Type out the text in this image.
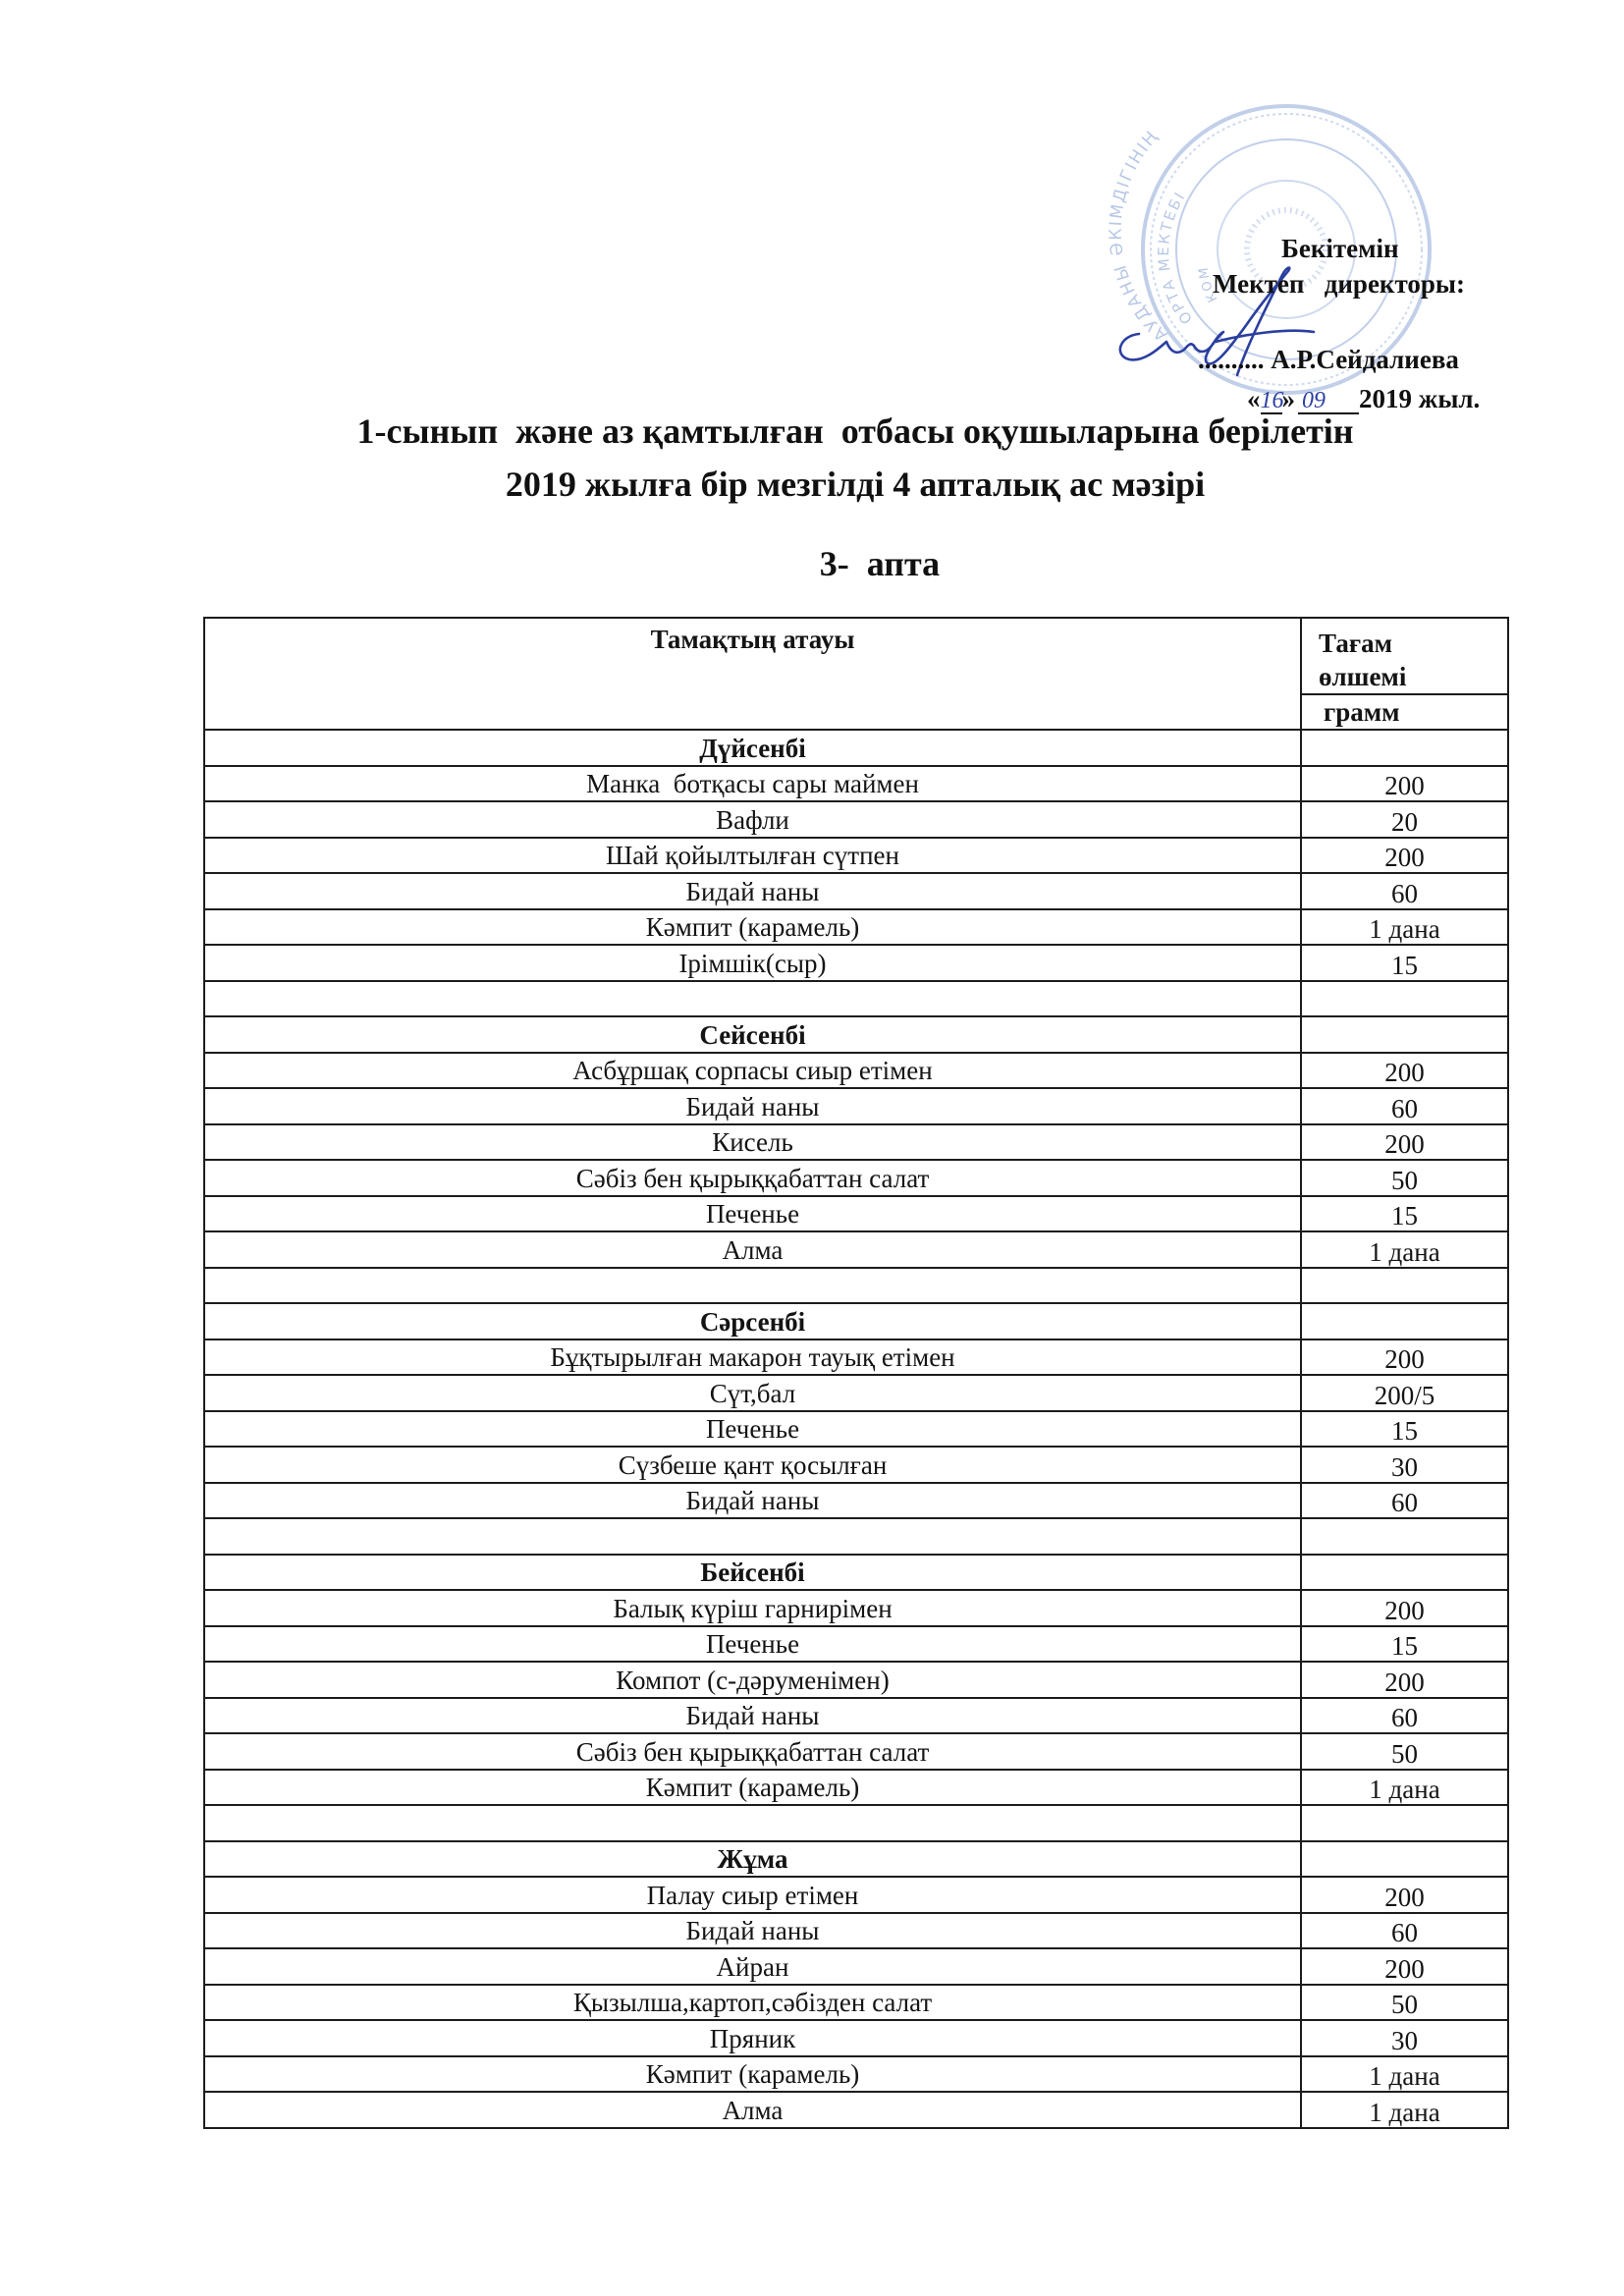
АУДАНЫ ӘКІМДІГІНІҢ
ОРТА МЕКТЕБІ
КОМ
Бекітемін
Мектеп   директоры:
.......... А.Р.Сейдалиева
«16» 09 2019 жыл.
1-сынып  және аз қамтылған  отбасы оқушыларына берілетін
2019 жылға бір мезгілді 4 апталық ас мәзірі
3-  апта
Тамақтың атауы	Тағам
өлшемі
	грамм
Дүйсенбі	
Манка  ботқасы сары маймен	200
Вафли	20
Шай қойылтылған сүтпен	200
Бидай наны	60
Кәмпит (карамель)	1 дана
Ірімшік(сыр)	15

Сейсенбі	
Асбұршақ сорпасы сиыр етімен	200
Бидай наны	60
Кисель	200
Сәбіз бен қырыққабаттан салат	50
Печенье	15
Алма	1 дана

Сәрсенбі	
Бұқтырылған макарон тауық етімен	200
Сүт,бал	200/5
Печенье	15
Сүзбеше қант қосылған	30
Бидай наны	60

Бейсенбі	
Балық күріш гарнирімен	200
Печенье	15
Компот (с-дәруменімен)	200
Бидай наны	60
Сәбіз бен қырыққабаттан салат	50
Кәмпит (карамель)	1 дана

Жұма	
Палау сиыр етімен	200
Бидай наны	60
Айран	200
Қызылша,картоп,сәбізден салат	50
Пряник	30
Кәмпит (карамель)	1 дана
Алма	1 дана
